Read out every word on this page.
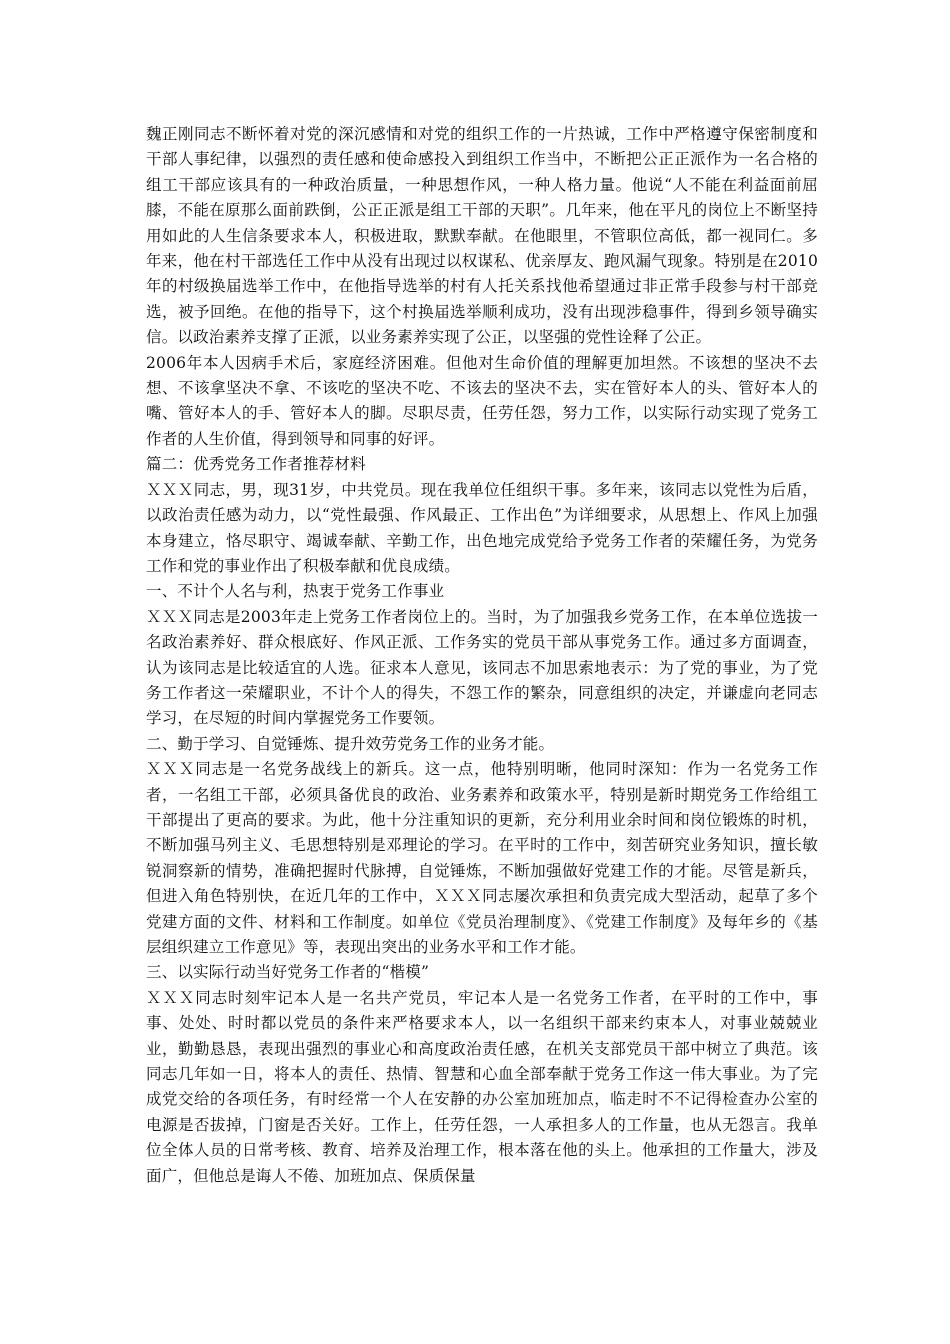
魏正刚同志不断怀着对党的深沉感情和对党的组织工作的一片热诚，工作中严格遵守保密制度和干部人事纪律，以强烈的责任感和使命感投入到组织工作当中，不断把公正正派作为一名合格的组工干部应该具有的一种政治质量，一种思想作风，一种人格力量。他说“人不能在利益面前屈膝，不能在原那么面前跌倒，公正正派是组工干部的天职”。几年来，他在平凡的岗位上不断坚持用如此的人生信条要求本人，积极进取，默默奉献。在他眼里，不管职位高低，都一视同仁。多年来，他在村干部选任工作中从没有出现过以权谋私、优亲厚友、跑风漏气现象。特别是在2010年的村级换届选举工作中，在他指导选举的村有人托关系找他希望通过非正常手段参与村干部竞选，被予回绝。在他的指导下，这个村换届选举顺利成功，没有出现涉稳事件，得到乡领导确实信。以政治素养支撑了正派，以业务素养实现了公正，以坚强的党性诠释了公正。

2006年本人因病手术后，家庭经济困难。但他对生命价值的理解更加坦然。不该想的坚决不去想、不该拿坚决不拿、不该吃的坚决不吃、不该去的坚决不去，实在管好本人的头、管好本人的嘴、管好本人的手、管好本人的脚。尽职尽责，任劳任怨，努力工作，以实际行动实现了党务工作者的人生价值，得到领导和同事的好评。

篇二：优秀党务工作者推荐材料

ＸＸＸ同志，男，现31岁，中共党员。现在我单位任组织干事。多年来，该同志以党性为后盾，以政治责任感为动力，以“党性最强、作风最正、工作出色”为详细要求，从思想上、作风上加强本身建立，恪尽职守、竭诚奉献、辛勤工作，出色地完成党给予党务工作者的荣耀任务，为党务工作和党的事业作出了积极奉献和优良成绩。

一、不计个人名与利，热衷于党务工作事业

ＸＸＸ同志是2003年走上党务工作者岗位上的。当时，为了加强我乡党务工作，在本单位选拔一名政治素养好、群众根底好、作风正派、工作务实的党员干部从事党务工作。通过多方面调查，认为该同志是比较适宜的人选。征求本人意见，该同志不加思索地表示：为了党的事业，为了党务工作者这一荣耀职业，不计个人的得失，不怨工作的繁杂，同意组织的决定，并谦虚向老同志学习，在尽短的时间内掌握党务工作要领。

二、勤于学习、自觉锤炼、提升效劳党务工作的业务才能。

ＸＸＸ同志是一名党务战线上的新兵。这一点，他特别明晰，他同时深知：作为一名党务工作者，一名组工干部，必须具备优良的政治、业务素养和政策水平，特别是新时期党务工作给组工干部提出了更高的要求。为此，他十分注重知识的更新，充分利用业余时间和岗位锻炼的时机，不断加强马列主义、毛思想特别是邓理论的学习。在平时的工作中，刻苦研究业务知识，擅长敏锐洞察新的情势，准确把握时代脉搏，自觉锤炼，不断加强做好党建工作的才能。尽管是新兵，但进入角色特别快，在近几年的工作中，ＸＸＸ同志屡次承担和负责完成大型活动，起草了多个党建方面的文件、材料和工作制度。如单位《党员治理制度》、《党建工作制度》及每年乡的《基层组织建立工作意见》等，表现出突出的业务水平和工作才能。

三、以实际行动当好党务工作者的“楷模”

ＸＸＸ同志时刻牢记本人是一名共产党员，牢记本人是一名党务工作者，在平时的工作中，事事、处处、时时都以党员的条件来严格要求本人，以一名组织干部来约束本人，对事业兢兢业业，勤勤恳恳，表现出强烈的事业心和高度政治责任感，在机关支部党员干部中树立了典范。该同志几年如一日，将本人的责任、热情、智慧和心血全部奉献于党务工作这一伟大事业。为了完成党交给的各项任务，有时经常一个人在安静的办公室加班加点，临走时不不记得检查办公室的电源是否拔掉，门窗是否关好。工作上，任劳任怨，一人承担多人的工作量，也从无怨言。我单位全体人员的日常考核、教育、培养及治理工作，根本落在他的头上。他承担的工作量大，涉及面广，但他总是诲人不倦、加班加点、保质保量
